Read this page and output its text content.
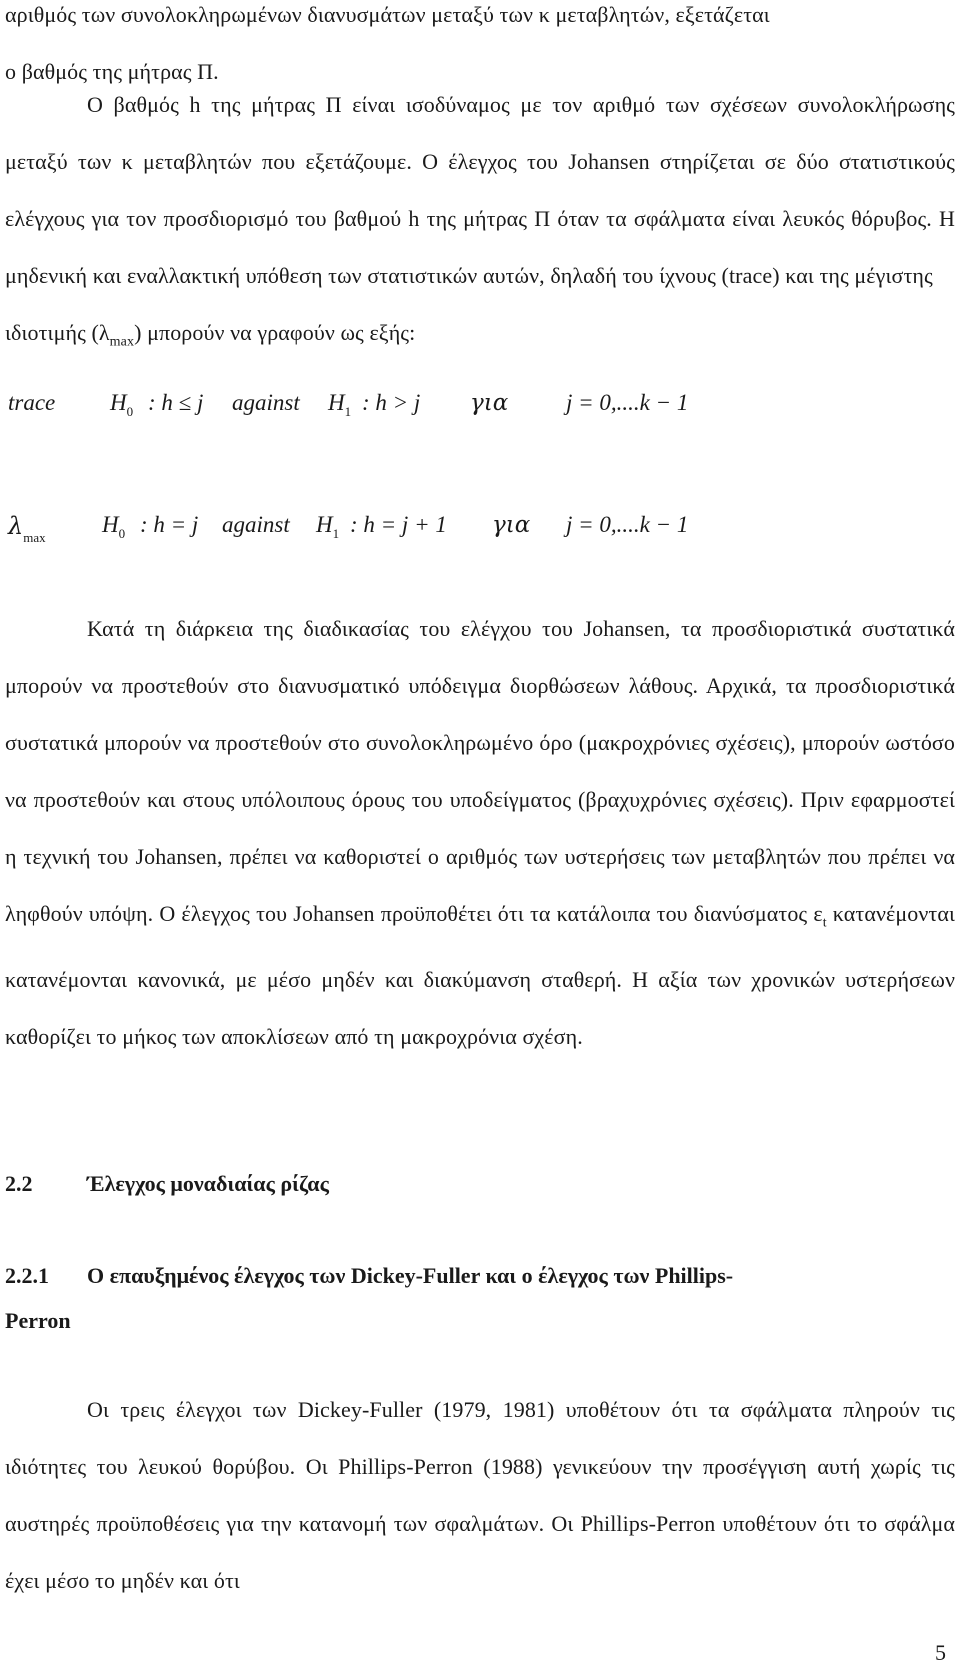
αριθμός των συνολοκληρωμένων διανυσμάτων μεταξύ των κ μεταβλητών, εξετάζεται
ο βαθμός της μήτρας Π.

Ο βαθμός h της μήτρας Π είναι ισοδύναμος με τον αριθμό των σχέσεων συνολοκλήρωσης μεταξύ των κ μεταβλητών που εξετάζουμε. Ο έλεγχος του Johansen στηρίζεται σε δύο στατιστικούς ελέγχους για τον προσδιορισμό του βαθμού h της μήτρας Π όταν τα σφάλματα είναι λευκός θόρυβος. Η μηδενική και εναλλακτική υπόθεση των στατιστικών αυτών, δηλαδή του ίχνους (trace) και της μέγιστης
ιδιοτιμής $(\lambda_{max})$ μπορούν να γραφούν ως εξής:

trace $H_0$ : h ≤ j against $H_1$ : h > j για	j = 0,....k − 1
$\lambda_{max}$
$H_0$ : h = j against $H_1$ : h = j + 1 για j = 0,....k − 1

Κατά τη διάρκεια της διαδικασίας του ελέγχου του Johansen, τα προσδιοριστικά συστατικά μπορούν να προστεθούν στο διανυσματικό υπόδειγμα διορθώσεων λάθους. Αρχικά, τα προσδιοριστικά συστατικά μπορούν να προστεθούν στο συνολοκληρωμένο όρο (μακροχρόνιες σχέσεις), μπορούν ωστόσο να προστεθούν και στους υπόλοιπους όρους του υποδείγματος (βραχυχρόνιες σχέσεις). Πριν εφαρμοστεί η τεχνική του Johansen, πρέπει να καθοριστεί ο αριθμός των υστερήσεις των μεταβλητών που πρέπει να ληφθούν υπόψη. Ο έλεγχος του Johansen προϋποθέτει ότι τα κατάλοιπα του διανύσματος $\varepsilon_t$ κατανέμονται κατανέμονται κανονικά, με μέσο μηδέν και διακύμανση σταθερή. Η αξία των χρονικών υστερήσεων καθορίζει το μήκος των αποκλίσεων από τη μακροχρόνια σχέση.

2.2 Έλεγχος μοναδιαίας ρίζας
2.2.1 Ο επαυξημένος έλεγχος των Dickey-Fuller και ο έλεγχος των Phillips-
Perron

Οι τρεις έλεγχοι των Dickey-Fuller (1979, 1981) υποθέτουν ότι τα σφάλματα πληρούν τις ιδιότητες του λευκού θορύβου. Οι Phillips-Perron (1988) γενικεύουν την προσέγγιση αυτή χωρίς τις αυστηρές προϋποθέσεις για την κατανομή των σφαλμάτων. Οι Phillips-Perron υποθέτουν ότι το σφάλμα έχει μέσο το μηδέν και ότι

5
